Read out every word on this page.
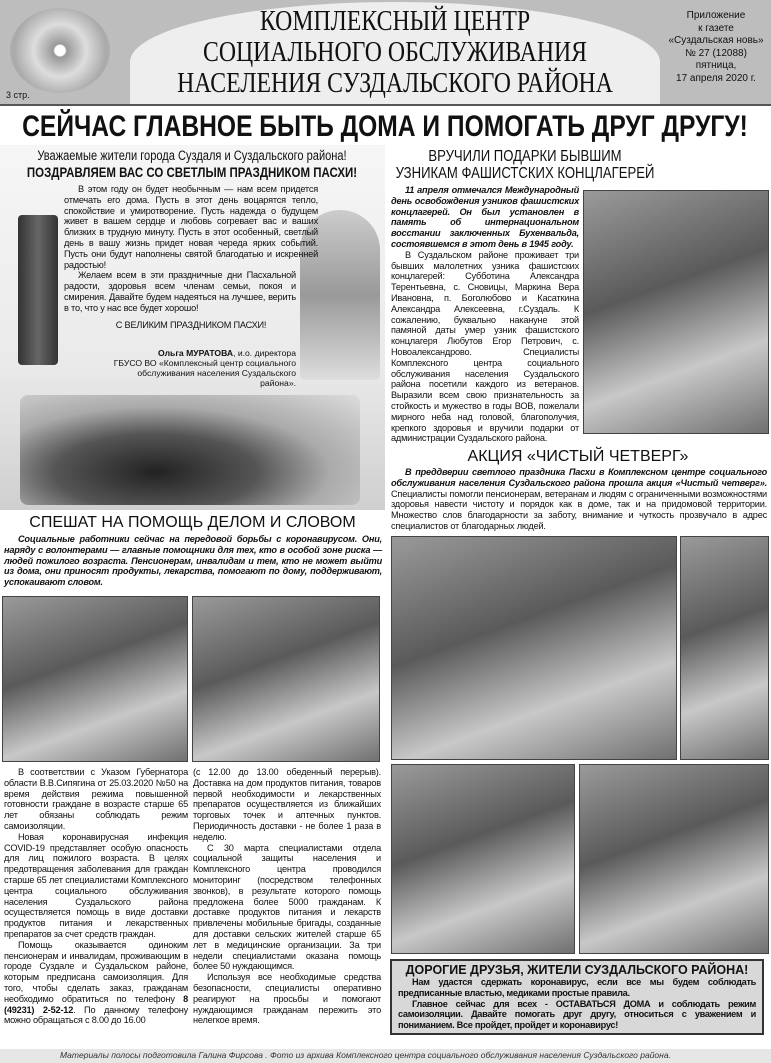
3 стр.
КОМПЛЕКСНЫЙ ЦЕНТР
СОЦИАЛЬНОГО ОБСЛУЖИВАНИЯ
НАСЕЛЕНИЯ СУЗДАЛЬСКОГО РАЙОНА
Приложение
к газете
«Суздальская новь»
№ 27 (12088)
пятница,
17 апреля 2020 г.
СЕЙЧАС ГЛАВНОЕ БЫТЬ ДОМА И ПОМОГАТЬ ДРУГ ДРУГУ!
Уважаемые жители города Суздаля и Суздальского района!
ПОЗДРАВЛЯЕМ ВАС СО СВЕТЛЫМ ПРАЗДНИКОМ ПАСХИ!

В этом году он будет необычным — нам всем придется отмечать его дома. Пусть в этот день воцарятся тепло, спокойствие и умиротворение. Пусть надежда о будущем живет в вашем сердце и любовь согревает вас и ваших близких в трудную минуту. Пусть в этот особенный, светлый день в вашу жизнь придет новая череда ярких событий. Пусть они будут наполнены святой благодатью и искренней радостью!

Желаем всем в эти праздничные дни Пасхальной радости, здоровья всем членам семьи, покоя и смирения. Давайте будем надеяться на лучшее, верить в то, что у нас все будет хорошо!

С ВЕЛИКИМ ПРАЗДНИКОМ ПАСХИ!

Ольга МУРАТОВА, и.о. директора
ГБУСО ВО «Комплексный центр социального обслуживания населения Суздальского района».
ВРУЧИЛИ ПОДАРКИ БЫВШИМ
УЗНИКАМ ФАШИСТСКИХ КОНЦЛАГЕРЕЙ

11 апреля отмечался Международный день освобождения узников фашистских концлагерей. Он был установлен в память об интернациональном восстании заключенных Бухенвальда, состоявшемся в этот день в 1945 году.

В Суздальском районе проживает три бывших малолетних узника фашистских концлагерей: Субботина Александра Терентьевна, с. Сновицы, Маркина Вера Ивановна, п. Боголюбово и Касаткина Александра Алексеевна, г.Суздаль. К сожалению, буквально накануне этой памяной даты умер узник фашистского концлагеря Любутов Егор Петрович, с. Новоалександрово. Специалисты Комплексного центра социального обслуживания населения Суздальского района посетили каждого из ветеранов. Выразили всем свою признательность за стойкость и мужество в годы ВОВ, пожелали мирного неба над головой, благополучия, крепкого здоровья и вручили подарки от администрации Суздальского района.

АКЦИЯ «ЧИСТЫЙ ЧЕТВЕРГ»

В преддверии светлого праздника Пасхи в Комплексном центре социального обслуживания населения Суздальского района прошла акция «Чистый четверг». Специалисты помогли пенсионерам, ветеранам и людям с ограниченными возможностями здоровья навести чистоту и порядок как в доме, так и на придомовой территории. Множество слов благодарности за заботу, внимание и чуткость прозвучало в адрес специалистов от благодарных людей.

СПЕШАТ НА ПОМОЩЬ ДЕЛОМ И СЛОВОМ

Социальные работники сейчас на передовой борьбы с коронавирусом. Они, наряду с волонтерами — главные помощники для тех, кто в особой зоне риска — людей пожилого возраста. Пенсионерам, инвалидам и тем, кто не может выйти из дома, они приносят продукты, лекарства, помогают по дому, поддерживают, успокаивают словом.

В соответствии с Указом Губернатора области В.В.Сипягина от 25.03.2020 №50 на время действия режима повышенной готовности граждане в возрасте старше 65 лет обязаны соблюдать режим самоизоляции.

Новая коронавирусная инфекция COVID-19 представляет особую опасность для лиц пожилого возраста. В целях предотвращения заболевания для граждан старше 65 лет специалистами Комплексного центра социального обслуживания населения Суздальского района осуществляется помощь в виде доставки продуктов питания и лекарственных препаратов за счет средств граждан.

Помощь оказывается одиноким пенсионерам и инвалидам, проживающим в городе Суздале и Суздальском районе, которым предписана самоизоляция. Для того, чтобы сделать заказ, гражданам необходимо обратиться по телефону 8 (49231) 2-52-12. По данному телефону можно обращаться с 8.00 до 16.00

(с 12.00 до 13.00 обеденный перерыв). Доставка на дом продуктов питания, товаров первой необходимости и лекарственных препаратов осуществляется из ближайших торговых точек и аптечных пунктов. Периодичность доставки - не более 1 раза в неделю.

С 30 марта специалистами отдела социальной защиты населения и Комплексного центра проводился мониторинг (посредством телефонных звонков), в результате которого помощь предложена более 5000 гражданам. К доставке продуктов питания и лекарств привлечены мобильные бригады, созданные для доставки сельских жителей старше 65 лет в медицинские организации. За три недели специалистами оказана помощь более 50 нуждающимся.

Используя все необходимые средства безопасности, специалисты оперативно реагируют на просьбы и помогают нуждающимся гражданам пережить это нелегкое время.

ДОРОГИЕ ДРУЗЬЯ, ЖИТЕЛИ СУЗДАЛЬСКОГО РАЙОНА!

Нам удастся сдержать коронавирус, если все мы будем соблюдать предписанные властью, медиками простые правила.

Главное сейчас для всех - ОСТАВАТЬСЯ ДОМА и соблюдать режим самоизоляции. Давайте помогать друг другу, относиться с уважением и пониманием. Все пройдет, пройдет и коронавирус!

Материалы полосы подготовила Галина Фирсова . Фото из архива Комплексного центра социального обслуживания населения Суздальского района.
